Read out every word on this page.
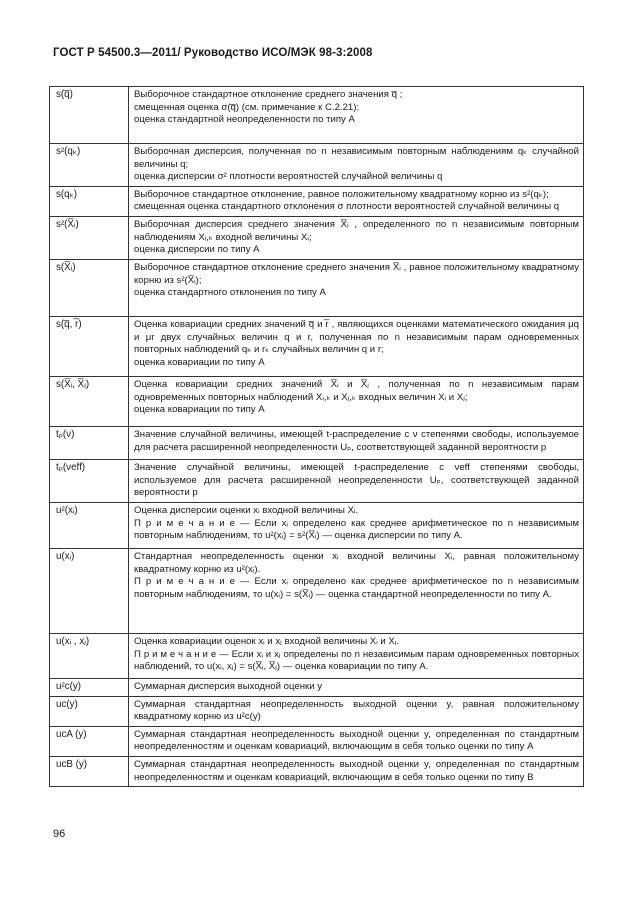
ГОСТ Р 54500.3—2011/ Руководство ИСО/МЭК 98-3:2008
s(q̅)	Выборочное стандартное отклонение среднего значения q̅ ;
смещенная оценка σ(q̅) (см. примечание к С.2.21);
оценка стандартной неопределенности по типу А

s²(qₖ)	Выборочная дисперсия, полученная по n независимым повторным наблюдениям qₖ случайной величины q;
оценка дисперсии σ² плотности вероятностей случайной величины q

s(qₖ)	Выборочное стандартное отклонение, равное положительному квадратному корню из s²(qₖ);
смещенная оценка стандартного отклонения σ плотности вероятностей случайной величины q

s²(X̅ᵢ)	Выборочная дисперсия среднего значения X̅ᵢ , определенного по n независимым повторным наблюдениям Xᵢ,ₖ входной величины Xᵢ;
оценка дисперсии по типу А

s(X̅ᵢ)	Выборочное стандартное отклонение среднего значения X̅ᵢ , равное положительному квадратному корню из s²(X̅ᵢ);
оценка стандартного отклонения по типу А

s(q̅, r̅)	Оценка ковариации средних значений q̅ и r̅ , являющихся оценками математического ожидания μq и μr двух случайных величин q и r, полученная по n независимым парам одновременных повторных наблюдений qₖ и rₖ случайных величин q и r;
оценка ковариации по типу А

s(X̅ᵢ, X̅ⱼ)	Оценка ковариации средних значений X̅ᵢ и X̅ⱼ , полученная по n независимым парам одновременных повторных наблюдений Xᵢ,ₖ и Xⱼ,ₖ входных величин Xᵢ и Xⱼ;
оценка ковариации по типу А

tₚ(ν)	Значение случайной величины, имеющей t-распределение с ν степенями свободы, используемое для расчета расширенной неопределенности Uₚ, соответствующей заданной вероятности p

tₚ(νeff)	Значение случайной величины, имеющей t-распределение с νeff степенями свободы, используемое для расчета расширенной неопределенности Uₚ, соответствующей заданной вероятности p

u²(xᵢ)	Оценка дисперсии оценки xᵢ входной величины Xᵢ.
П р и м е ч а н и е — Если xᵢ определено как среднее арифметическое по n независимым повторным наблюдениям, то u²(xᵢ) = s²(X̅ᵢ) — оценка дисперсии по типу А.

u(xᵢ)	Стандартная неопределенность оценки xᵢ входной величины Xᵢ, равная положительному квадратному корню из u²(xᵢ).
П р и м е ч а н и е — Если xᵢ определено как среднее арифметическое по n независимым повторным наблюдениям, то u(xᵢ) = s(X̅ᵢ) — оценка стандартной неопределенности по типу А.

u(xᵢ , xⱼ)	Оценка ковариации оценок xᵢ и xⱼ входной величины Xᵢ и Xⱼ.
П р и м е ч а н и е — Если xᵢ и xⱼ определены по n независимым парам одновременных повторных наблюдений, то u(xᵢ, xⱼ) = s(X̅ᵢ, X̅ⱼ) — оценка ковариации по типу А.

u²c(y)	Суммарная дисперсия выходной оценки y

uc(y)	Суммарная стандартная неопределенность выходной оценки y, равная положительному квадратному корню из u²c(y)

ucA (y)	Суммарная стандартная неопределенность выходной оценки y, определенная по стандартным неопределенностям и оценкам ковариаций, включающим в себя только оценки по типу А

ucB (y)	Суммарная стандартная неопределенность выходной оценки y, определенная по стандартным неопределенностям и оценкам ковариаций, включающим в себя только оценки по типу В
96
